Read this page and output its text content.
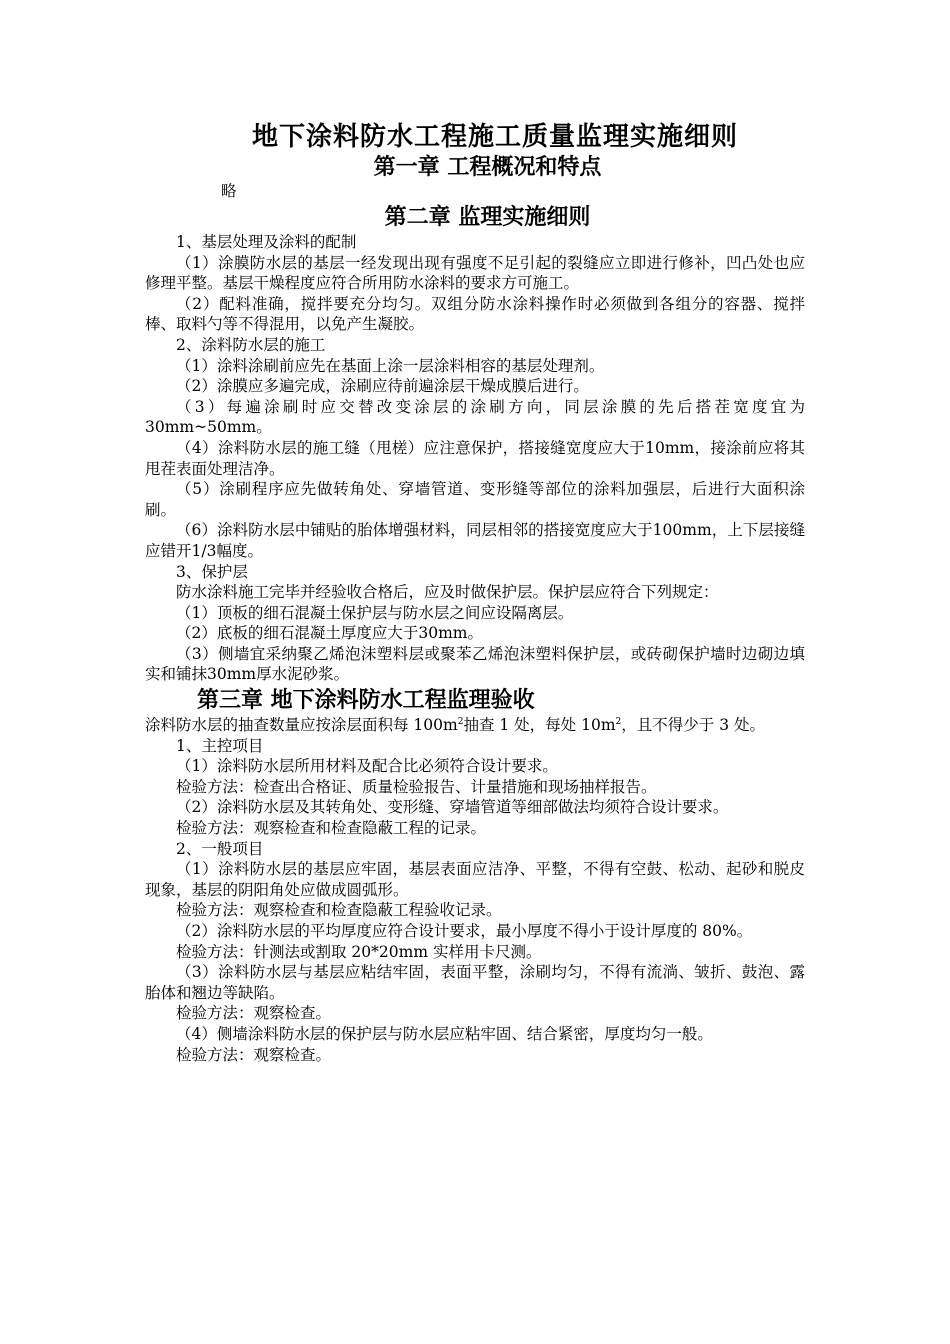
地下涂料防水工程施工质量监理实施细则
第一章 工程概况和特点

略

第二章 监理实施细则

1、基层处理及涂料的配制

（1）涂膜防水层的基层一经发现出现有强度不足引起的裂缝应立即进行修补，凹凸处也应修理平整。基层干燥程度应符合所用防水涂料的要求方可施工。

（2）配料准确，搅拌要充分均匀。双组分防水涂料操作时必须做到各组分的容器、搅拌棒、取料勺等不得混用，以免产生凝胶。

2、涂料防水层的施工

（1）涂料涂刷前应先在基面上涂一层涂料相容的基层处理剂。

（2）涂膜应多遍完成，涂刷应待前遍涂层干燥成膜后进行。

（3）每遍涂刷时应交替改变涂层的涂刷方向，同层涂膜的先后搭茬宽度宜为30mm~50mm。

（4）涂料防水层的施工缝（甩槎）应注意保护，搭接缝宽度应大于10mm，接涂前应将其甩茬表面处理洁净。

（5）涂刷程序应先做转角处、穿墙管道、变形缝等部位的涂料加强层，后进行大面积涂刷。

（6）涂料防水层中铺贴的胎体增强材料，同层相邻的搭接宽度应大于100mm，上下层接缝应错开1/3幅度。

3、保护层

防水涂料施工完毕并经验收合格后，应及时做保护层。保护层应符合下列规定：

（1）顶板的细石混凝土保护层与防水层之间应设隔离层。

（2）底板的细石混凝土厚度应大于30mm。

（3）侧墙宜采纳聚乙烯泡沫塑料层或聚苯乙烯泡沫塑料保护层，或砖砌保护墙时边砌边填实和铺抹30mm厚水泥砂浆。

第三章 地下涂料防水工程监理验收

涂料防水层的抽查数量应按涂层面积每 $100m^2$抽查 1 处，每处 $10m^2$，且不得少于 3 处。

1、主控项目

（1）涂料防水层所用材料及配合比必须符合设计要求。

检验方法：检查出合格证、质量检验报告、计量措施和现场抽样报告。

（2）涂料防水层及其转角处、变形缝、穿墙管道等细部做法均须符合设计要求。

检验方法：观察检查和检查隐蔽工程的记录。

2、一般项目

（1）涂料防水层的基层应牢固，基层表面应洁净、平整，不得有空鼓、松动、起砂和脱皮现象，基层的阴阳角处应做成圆弧形。

检验方法：观察检查和检查隐蔽工程验收记录。

（2）涂料防水层的平均厚度应符合设计要求，最小厚度不得小于设计厚度的 80%。

检验方法：针测法或割取 20*20mm 实样用卡尺测。

（3）涂料防水层与基层应粘结牢固，表面平整，涂刷均匀，不得有流淌、皱折、鼓泡、露胎体和翘边等缺陷。

检验方法：观察检查。

（4）侧墙涂料防水层的保护层与防水层应粘牢固、结合紧密，厚度均匀一般。

检验方法：观察检查。
